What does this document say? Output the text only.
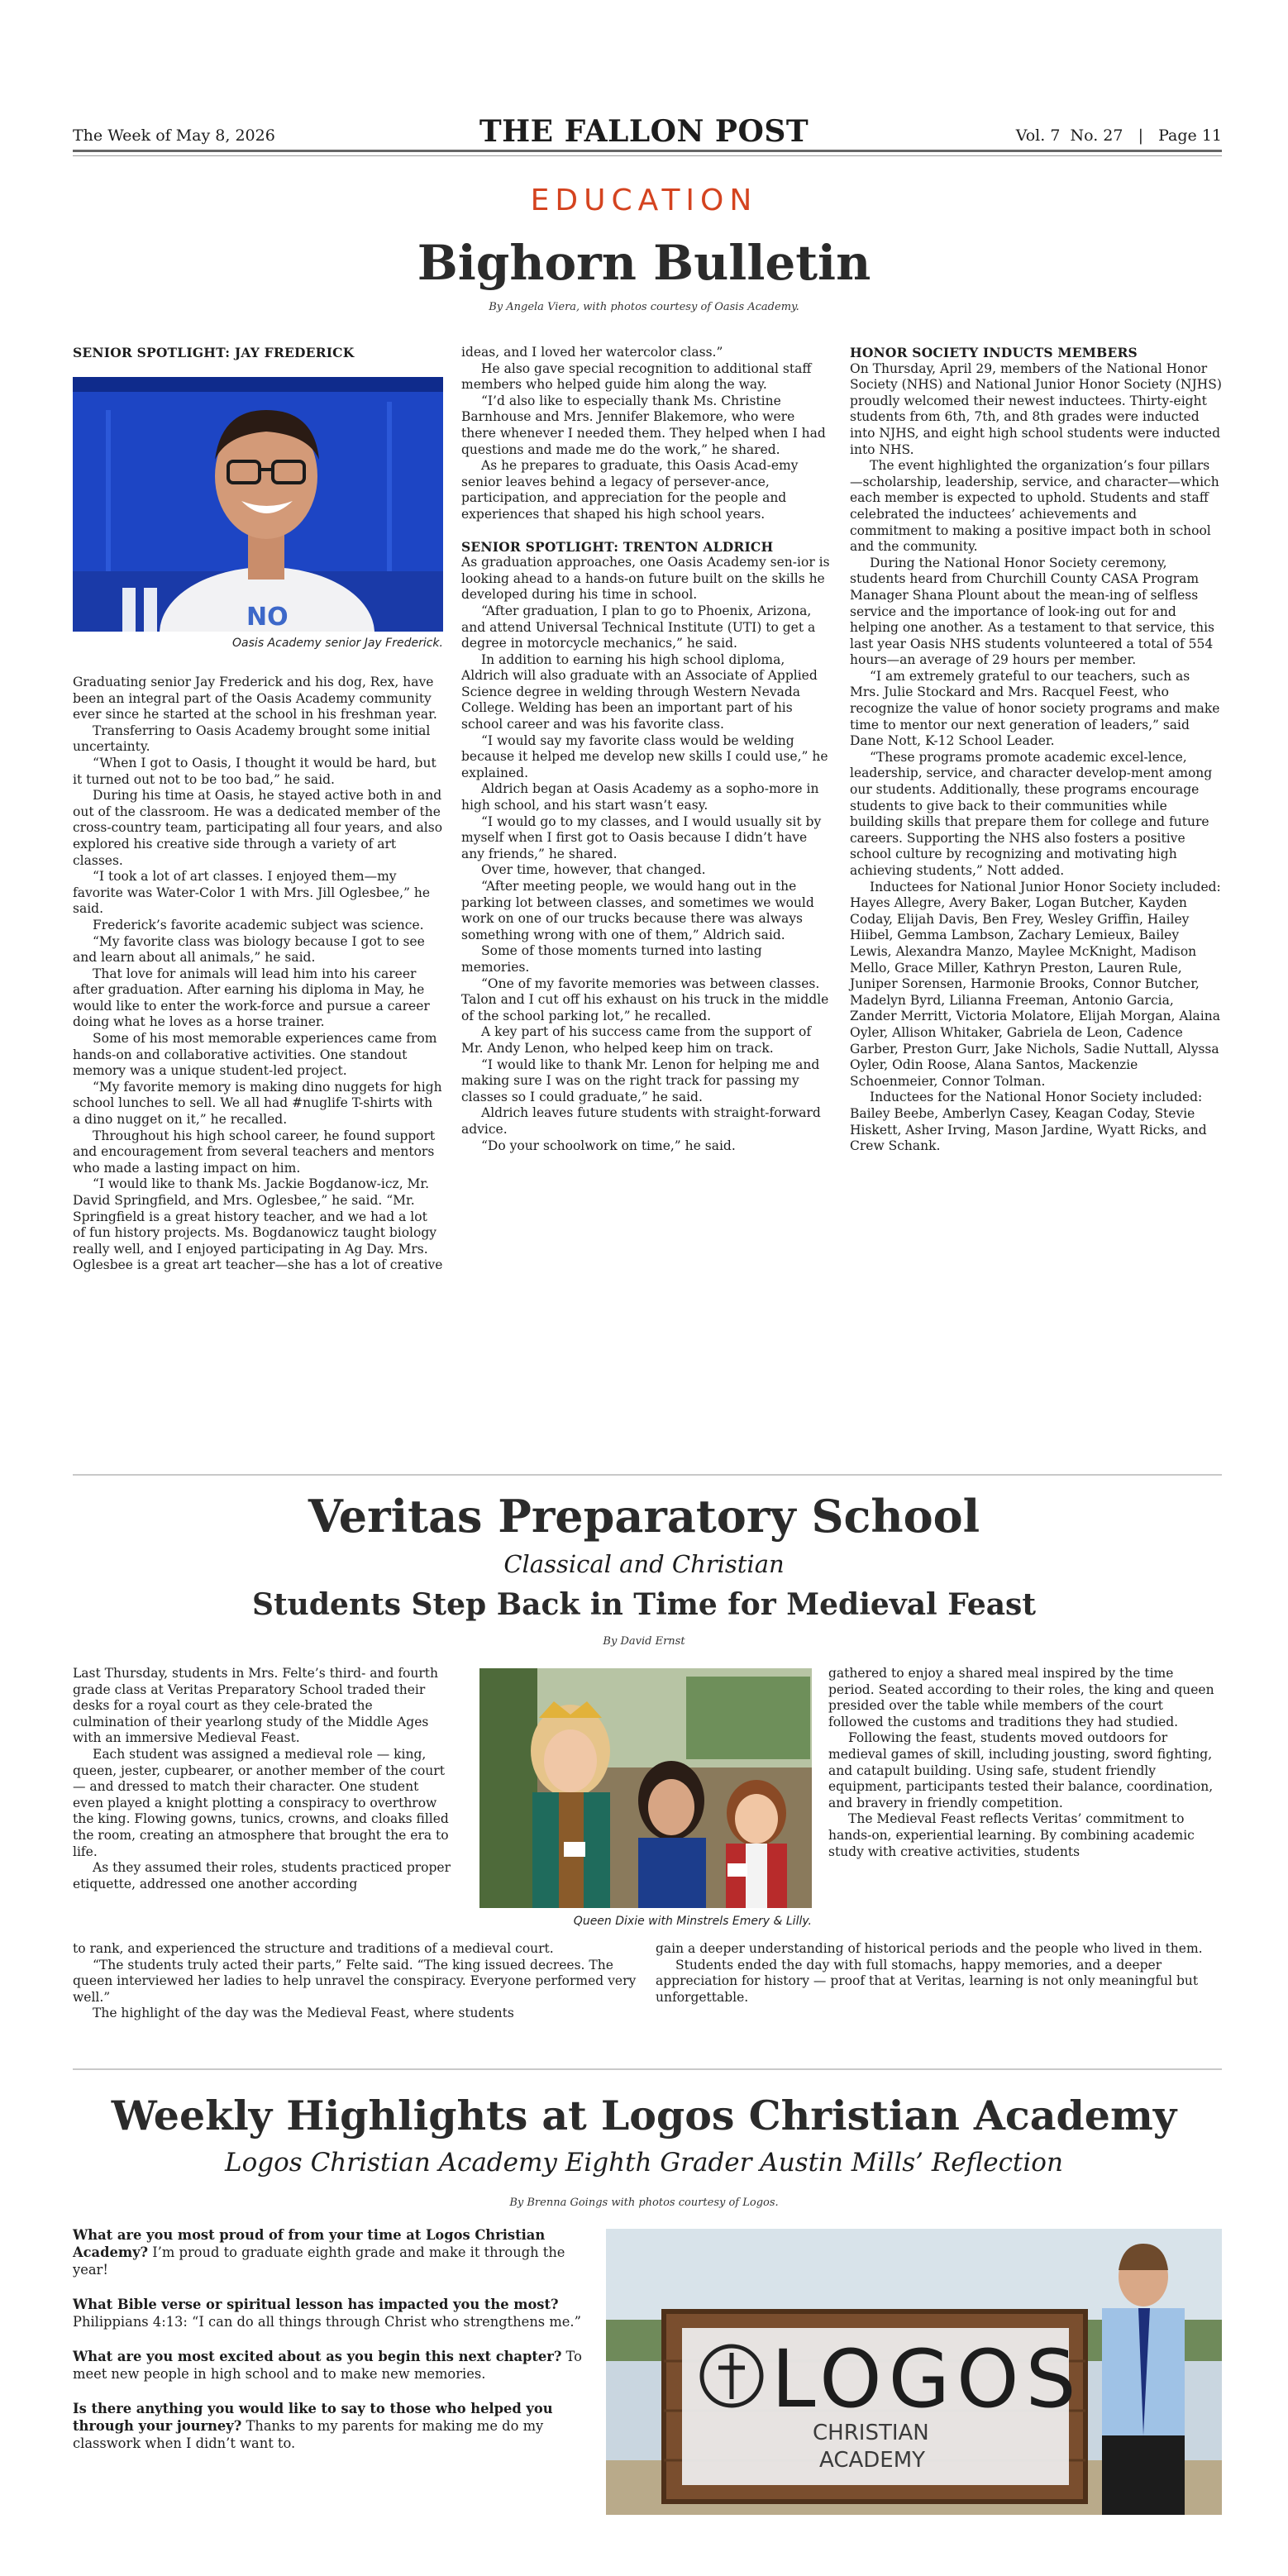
The Week of May 8, 2026	THE FALLON POST	Vol. 7  No. 27   |   Page 11
EDUCATION
Bighorn Bulletin
By Angela Viera, with photos courtesy of Oasis Academy.

SENIOR SPOTLIGHT: JAY FREDERICK

NO
Oasis Academy senior Jay Frederick.

Graduating senior Jay Frederick and his dog, Rex, have been an integral part of the Oasis Academy community ever since he started at the school in his freshman year.

Transferring to Oasis Academy brought some initial uncertainty.

“When I got to Oasis, I thought it would be hard, but it turned out not to be too bad,” he said.

During his time at Oasis, he stayed active both in and out of the classroom. He was a dedicated member of the cross-country team, participating all four years, and also explored his creative side through a variety of art classes.

“I took a lot of art classes. I enjoyed them—my favorite was Water-Color 1 with Mrs. Jill Oglesbee,” he said.

Frederick’s favorite academic subject was science.

“My favorite class was biology because I got to see and learn about all animals,” he said.

That love for animals will lead him into his career after graduation. After earning his diploma in May, he would like to enter the work-force and pursue a career doing what he loves as a horse trainer.

Some of his most memorable experiences came from hands-on and collaborative activities. One standout memory was a unique student-led project.

“My favorite memory is making dino nuggets for high school lunches to sell. We all had #nuglife T-shirts with a dino nugget on it,” he recalled.

Throughout his high school career, he found support and encouragement from several teachers and mentors who made a lasting impact on him.

“I would like to thank Ms. Jackie Bogdanow-icz, Mr. David Springfield, and Mrs. Oglesbee,” he said. “Mr. Springfield is a great history teacher, and we had a lot of fun history projects. Ms. Bogdanowicz taught biology really well, and I enjoyed participating in Ag Day. Mrs. Oglesbee is a great art teacher—she has a lot of creative

ideas, and I loved her watercolor class.”

He also gave special recognition to additional staff members who helped guide him along the way.

“I’d also like to especially thank Ms. Christine Barnhouse and Mrs. Jennifer Blakemore, who were there whenever I needed them. They helped when I had questions and made me do the work,” he shared.

As he prepares to graduate, this Oasis Acad-emy senior leaves behind a legacy of persever-ance, participation, and appreciation for the people and experiences that shaped his high school years.

SENIOR SPOTLIGHT: TRENTON ALDRICH

As graduation approaches, one Oasis Academy sen-ior is looking ahead to a hands-on future built on the skills he developed during his time in school.

“After graduation, I plan to go to Phoenix, Arizona, and attend Universal Technical Institute (UTI) to get a degree in motorcycle mechanics,” he said.

In addition to earning his high school diploma, Aldrich will also graduate with an Associate of Applied Science degree in welding through Western Nevada College. Welding has been an important part of his school career and was his favorite class.

“I would say my favorite class would be welding because it helped me develop new skills I could use,” he explained.

Aldrich began at Oasis Academy as a sopho-more in high school, and his start wasn’t easy.

“I would go to my classes, and I would usually sit by myself when I first got to Oasis because I didn’t have any friends,” he shared.

Over time, however, that changed.

“After meeting people, we would hang out in the parking lot between classes, and sometimes we would work on one of our trucks because there was always something wrong with one of them,” Aldrich said.

Some of those moments turned into lasting memories.

“One of my favorite memories was between classes. Talon and I cut off his exhaust on his truck in the middle of the school parking lot,” he recalled.

A key part of his success came from the support of Mr. Andy Lenon, who helped keep him on track.

“I would like to thank Mr. Lenon for helping me and making sure I was on the right track for passing my classes so I could graduate,” he said.

Aldrich leaves future students with straight-forward advice.

“Do your schoolwork on time,” he said.

HONOR SOCIETY INDUCTS MEMBERS

On Thursday, April 29, members of the National Honor Society (NHS) and National Junior Honor Society (NJHS) proudly welcomed their newest inductees. Thirty-eight students from 6th, 7th, and 8th grades were inducted into NJHS, and eight high school students were inducted into NHS.

The event highlighted the organization’s four pillars—scholarship, leadership, service, and character—which each member is expected to uphold. Students and staff celebrated the inductees’ achievements and commitment to making a positive impact both in school and the community.

During the National Honor Society ceremony, students heard from Churchill County CASA Program Manager Shana Plount about the mean-ing of selfless service and the importance of look-ing out for and helping one another. As a testament to that service, this last year Oasis NHS students volunteered a total of 554 hours—an average of 29 hours per member.

“I am extremely grateful to our teachers, such as Mrs. Julie Stockard and Mrs. Racquel Feest, who recognize the value of honor society programs and make time to mentor our next generation of leaders,” said Dane Nott, K-12 School Leader.

“These programs promote academic excel-lence, leadership, service, and character develop-ment among our students. Additionally, these programs encourage students to give back to their communities while building skills that prepare them for college and future careers. Supporting the NHS also fosters a positive school culture by recognizing and motivating high achieving students,” Nott added.

Inductees for National Junior Honor Society included: Hayes Allegre, Avery Baker, Logan Butcher, Kayden Coday, Elijah Davis, Ben Frey, Wesley Griffin, Hailey Hiibel, Gemma Lambson, Zachary Lemieux, Bailey Lewis, Alexandra Manzo, Maylee McKnight, Madison Mello, Grace Miller, Kathryn Preston, Lauren Rule, Juniper Sorensen, Harmonie Brooks, Connor Butcher, Madelyn Byrd, Lilianna Freeman, Antonio Garcia, Zander Merritt, Victoria Molatore, Elijah Morgan, Alaina Oyler, Allison Whitaker, Gabriela de Leon, Cadence Garber, Preston Gurr, Jake Nichols, Sadie Nuttall, Alyssa Oyler, Odin Roose, Alana Santos, Mackenzie Schoenmeier, Connor Tolman.

Inductees for the National Honor Society included: Bailey Beebe, Amberlyn Casey, Keagan Coday, Stevie Hiskett, Asher Irving, Mason Jardine, Wyatt Ricks, and Crew Schank.

Veritas Preparatory School
Classical and Christian
Students Step Back in Time for Medieval Feast
By David Ernst

Last Thursday, students in Mrs. Felte’s third- and fourth grade class at Veritas Preparatory School traded their desks for a royal court as they cele-brated the culmination of their yearlong study of the Middle Ages with an immersive Medieval Feast.

Each student was assigned a medieval role — king, queen, jester, cupbearer, or another member of the court — and dressed to match their character. One student even played a knight plotting a conspiracy to overthrow the king. Flowing gowns, tunics, crowns, and cloaks filled the room, creating an atmosphere that brought the era to life.

As they assumed their roles, students practiced proper etiquette, addressed one another according

Queen Dixie with Minstrels Emery & Lilly.

to rank, and experienced the structure and traditions of a medieval court.

“The students truly acted their parts,” Felte said. “The king issued decrees. The queen interviewed her ladies to help unravel the conspiracy. Everyone performed very well.”

The highlight of the day was the Medieval Feast, where students

gathered to enjoy a shared meal inspired by the time period. Seated according to their roles, the king and queen presided over the table while members of the court followed the customs and traditions they had studied.

Following the feast, students moved outdoors for medieval games of skill, including jousting, sword fighting, and catapult building. Using safe, student friendly equipment, participants tested their balance, coordination, and bravery in friendly competition.

The Medieval Feast reflects Veritas’ commitment to hands-on, experiential learning. By combining academic study with creative activities, students

gain a deeper understanding of historical periods and the people who lived in them.

Students ended the day with full stomachs, happy memories, and a deeper appreciation for history — proof that at Veritas, learning is not only meaningful but unforgettable.

Weekly Highlights at Logos Christian Academy
Logos Christian Academy Eighth Grader Austin Mills’ Reflection
By Brenna Goings with photos courtesy of Logos.

What are you most proud of from your time at Logos Christian Academy? I’m proud to graduate eighth grade and make it through the year!

What Bible verse or spiritual lesson has impacted you the most? Philippians 4:13: “I can do all things through Christ who strengthens me.”

What are you most excited about as you begin this next chapter? To meet new people in high school and to make new memories.

Is there anything you would like to say to those who helped you through your journey? Thanks to my parents for making me do my classwork when I didn’t want to.

LOGOS
CHRISTIAN
ACADEMY
